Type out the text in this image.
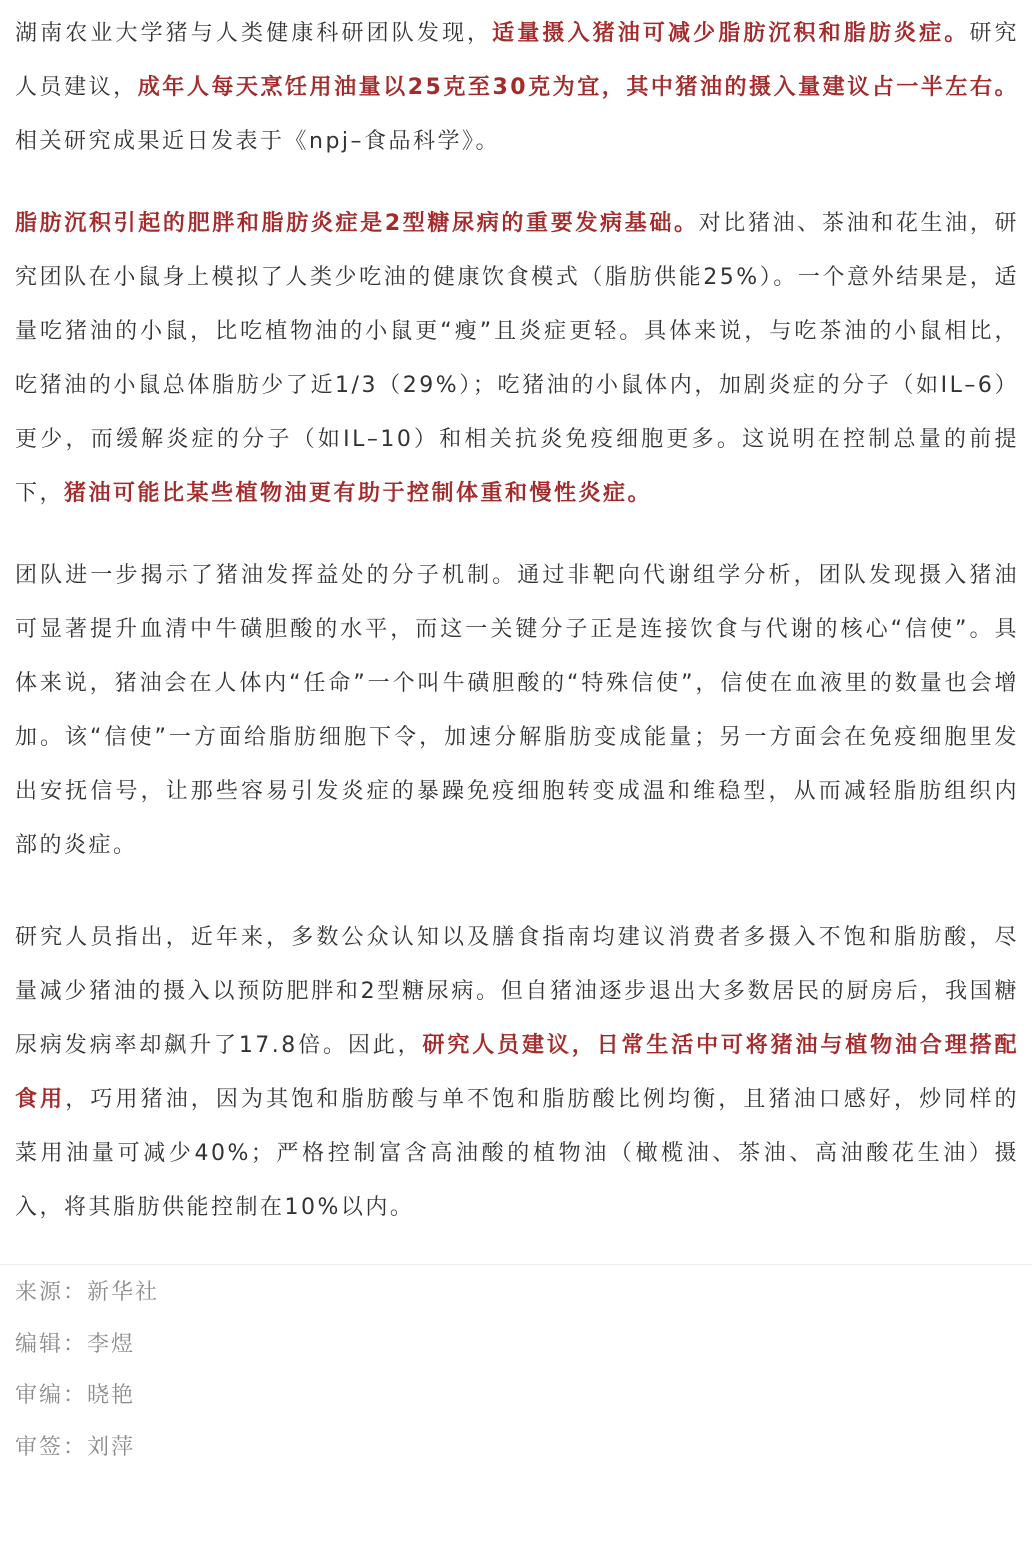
湖南农业大学猪与人类健康科研团队发现，适量摄入猪油可减少脂肪沉积和脂肪炎症。研究人员建议，成年人每天烹饪用油量以25克至30克为宜，其中猪油的摄入量建议占一半左右。相关研究成果近日发表于《npj–食品科学》。

脂肪沉积引起的肥胖和脂肪炎症是2型糖尿病的重要发病基础。对比猪油、茶油和花生油，研究团队在小鼠身上模拟了人类少吃油的健康饮食模式（脂肪供能25%）。一个意外结果是，适量吃猪油的小鼠，比吃植物油的小鼠更“瘦”且炎症更轻。具体来说，与吃茶油的小鼠相比，吃猪油的小鼠总体脂肪少了近1/3（29%）；吃猪油的小鼠体内，加剧炎症的分子（如IL–6）更少，而缓解炎症的分子（如IL–10）和相关抗炎免疫细胞更多。这说明在控制总量的前提下，猪油可能比某些植物油更有助于控制体重和慢性炎症。

团队进一步揭示了猪油发挥益处的分子机制。通过非靶向代谢组学分析，团队发现摄入猪油可显著提升血清中牛磺胆酸的水平，而这一关键分子正是连接饮食与代谢的核心“信使”。具体来说，猪油会在人体内“任命”一个叫牛磺胆酸的“特殊信使”，信使在血液里的数量也会增加。该“信使”一方面给脂肪细胞下令，加速分解脂肪变成能量；另一方面会在免疫细胞里发出安抚信号，让那些容易引发炎症的暴躁免疫细胞转变成温和维稳型，从而减轻脂肪组织内部的炎症。

研究人员指出，近年来，多数公众认知以及膳食指南均建议消费者多摄入不饱和脂肪酸，尽量减少猪油的摄入以预防肥胖和2型糖尿病。但自猪油逐步退出大多数居民的厨房后，我国糖尿病发病率却飙升了17.8倍。因此，研究人员建议，日常生活中可将猪油与植物油合理搭配食用，巧用猪油，因为其饱和脂肪酸与单不饱和脂肪酸比例均衡，且猪油口感好，炒同样的菜用油量可减少40%；严格控制富含高油酸的植物油（橄榄油、茶油、高油酸花生油）摄入，将其脂肪供能控制在10%以内。

来源：新华社

编辑：李煜

审编：晓艳

审签：刘萍
